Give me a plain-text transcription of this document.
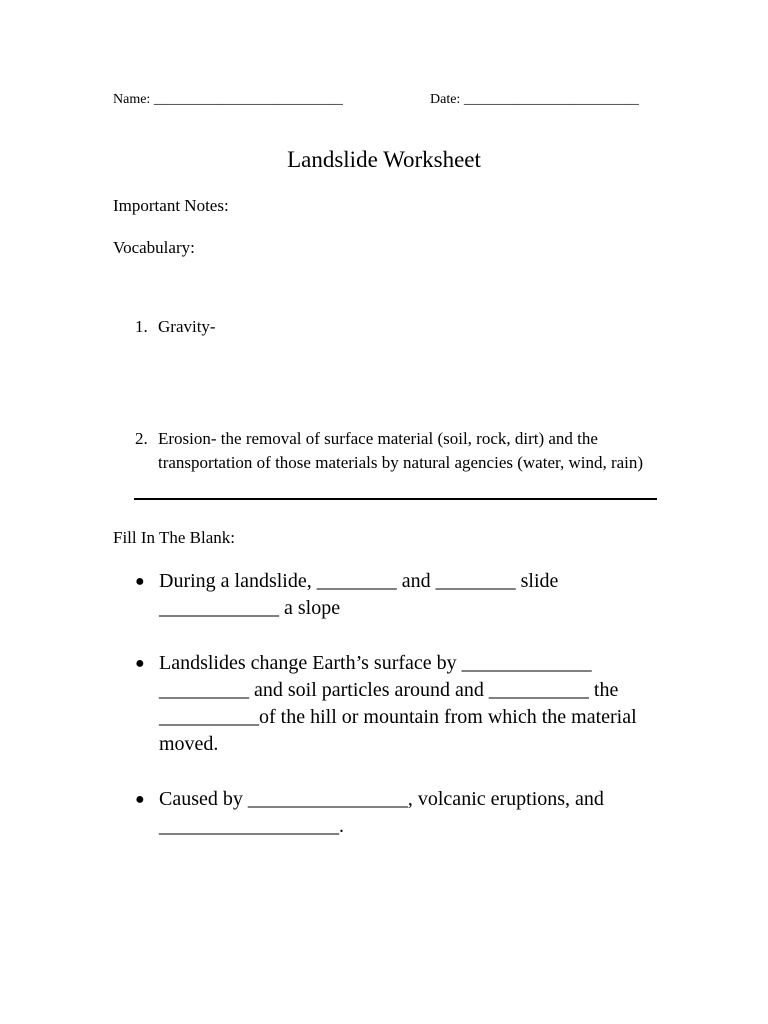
Name: ___________________________	Date: _________________________
Landslide Worksheet
Important Notes:
Vocabulary:
1. Gravity-
2. Erosion- the removal of surface material (soil, rock, dirt) and the transportation of those materials by natural agencies (water, wind, rain)
Fill In The Blank:
● During a landslide, ________ and ________ slide ____________ a slope
● Landslides change Earth’s surface by _____________ _________ and soil particles around and __________ the __________of the hill or mountain from which the material moved.
● Caused by ________________, volcanic eruptions, and __________________.
